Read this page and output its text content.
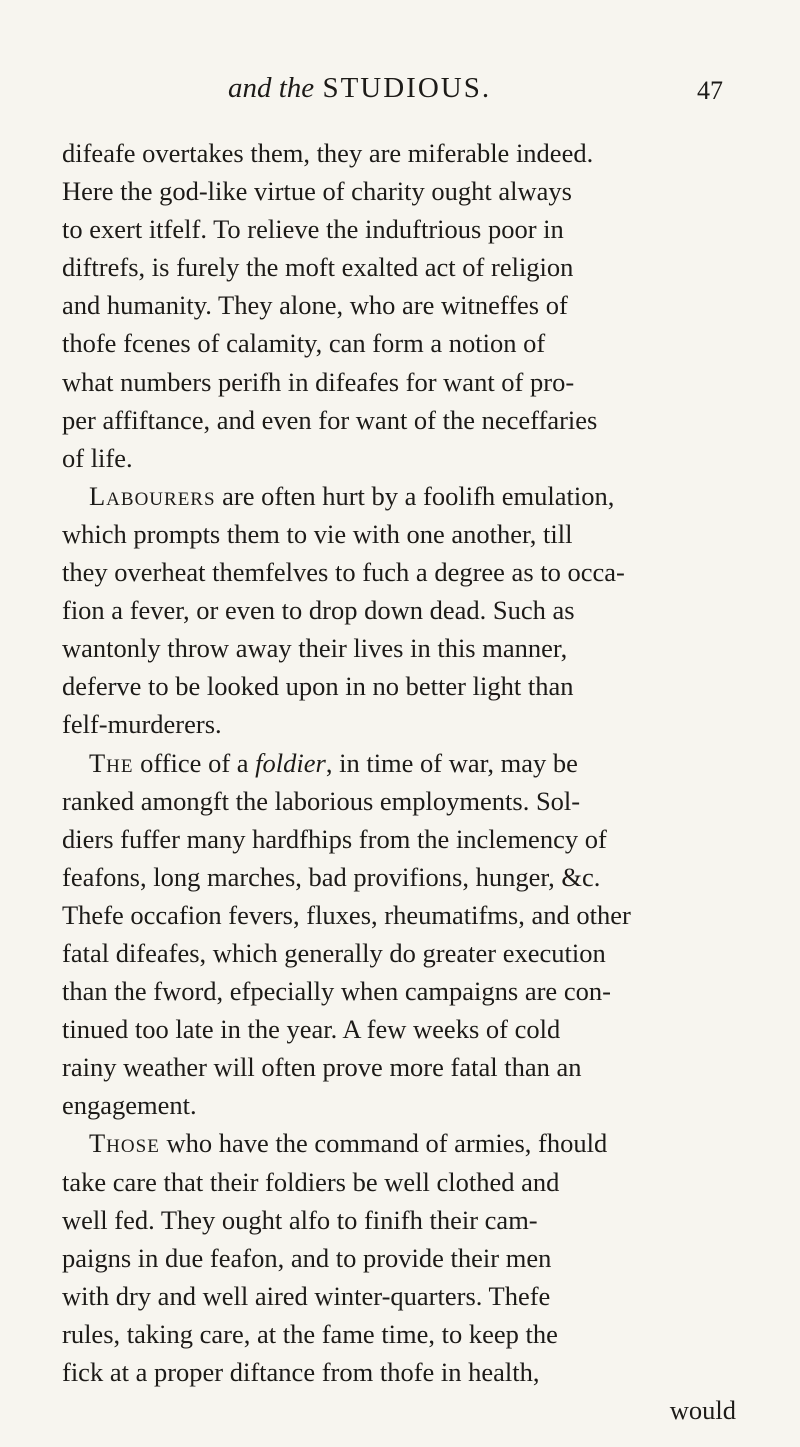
and the STUDIOUS.	47
difeafe overtakes them, they are miferable indeed.
Here the god-like virtue of charity ought always
to exert itfelf. To relieve the induftrious poor in
diftrefs, is furely the moft exalted act of religion
and humanity. They alone, who are witneffes of
thofe fcenes of calamity, can form a notion of
what numbers perifh in difeafes for want of pro-
per affiftance, and even for want of the neceffaries
of life.
Labourers are often hurt by a foolifh emulation,
which prompts them to vie with one another, till
they overheat themfelves to fuch a degree as to occa-
fion a fever, or even to drop down dead. Such as
wantonly throw away their lives in this manner,
deferve to be looked upon in no better light than
felf-murderers.
The office of a foldier, in time of war, may be
ranked amongft the laborious employments. Sol-
diers fuffer many hardfhips from the inclemency of
feafons, long marches, bad provifions, hunger, &c.
Thefe occafion fevers, fluxes, rheumatifms, and other
fatal difeafes, which generally do greater execution
than the fword, efpecially when campaigns are con-
tinued too late in the year. A few weeks of cold
rainy weather will often prove more fatal than an
engagement.
Those who have the command of armies, fhould
take care that their foldiers be well clothed and
well fed. They ought alfo to finifh their cam-
paigns in due feafon, and to provide their men
with dry and well aired winter-quarters. Thefe
rules, taking care, at the fame time, to keep the
fick at a proper diftance from thofe in health,
would
